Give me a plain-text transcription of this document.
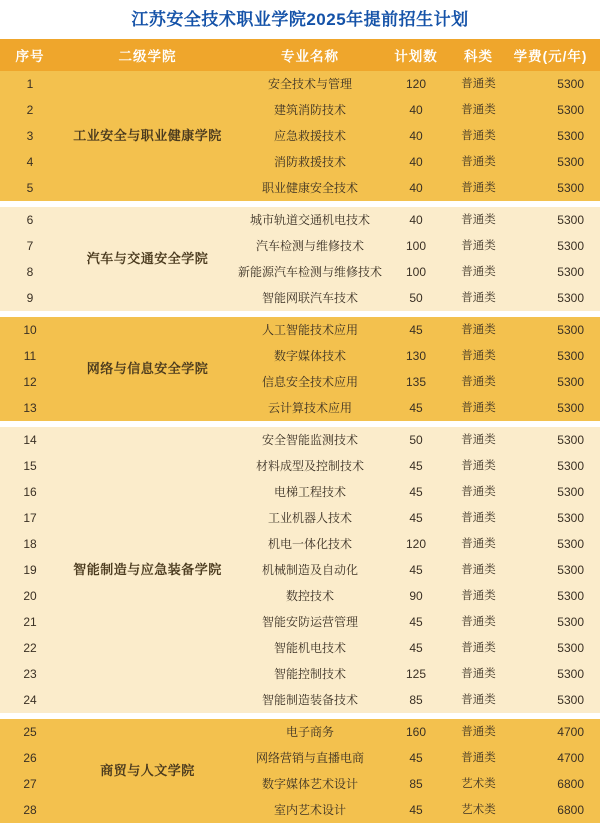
江苏安全技术职业学院2025年提前招生计划
序号	二级学院	专业名称	计划数	科类	学费(元/年)
1	工业安全与职业健康学院	安全技术与管理	120	普通类	5300
2		建筑消防技术	40	普通类	5300
3		应急救援技术	40	普通类	5300
4		消防救援技术	40	普通类	5300
5		职业健康安全技术	40	普通类	5300

6	汽车与交通安全学院	城市轨道交通机电技术	40	普通类	5300
7		汽车检测与维修技术	100	普通类	5300
8		新能源汽车检测与维修技术	100	普通类	5300
9		智能网联汽车技术	50	普通类	5300

10	网络与信息安全学院	人工智能技术应用	45	普通类	5300
11		数字媒体技术	130	普通类	5300
12		信息安全技术应用	135	普通类	5300
13		云计算技术应用	45	普通类	5300

14	智能制造与应急装备学院	安全智能监测技术	50	普通类	5300
15		材料成型及控制技术	45	普通类	5300
16		电梯工程技术	45	普通类	5300
17		工业机器人技术	45	普通类	5300
18		机电一体化技术	120	普通类	5300
19		机械制造及自动化	45	普通类	5300
20		数控技术	90	普通类	5300
21		智能安防运营管理	45	普通类	5300
22		智能机电技术	45	普通类	5300
23		智能控制技术	125	普通类	5300
24		智能制造装备技术	85	普通类	5300

25	商贸与人文学院	电子商务	160	普通类	4700
26		网络营销与直播电商	45	普通类	4700
27		数字媒体艺术设计	85	艺术类	6800
28		室内艺术设计	45	艺术类	6800
